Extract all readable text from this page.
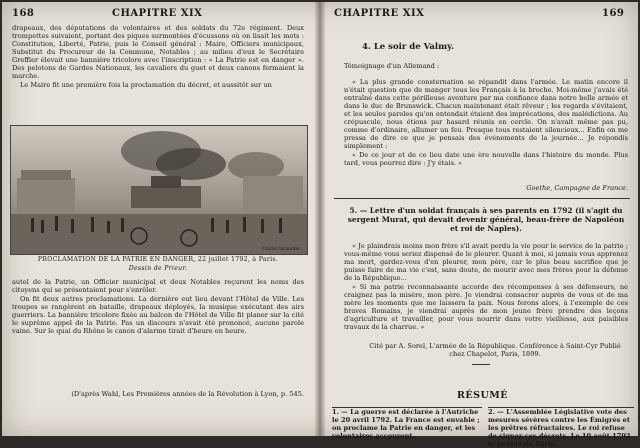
168	CHAPITRE XIX

drapeaux, des députations de volontaires et des soldats du 72e régiment. Deux trompettes suivaient, portant des piques surmontées d'écussons où on lisait les mots : Constitution, Liberté, Patrie, puis le Conseil général : Maire, Officiers municipaux, Substitut du Procureur de la Commune, Notables ; au milieu d'eux le Secrétaire Greffier élevait une bannière tricolore avec l'inscription : « La Patrie est en danger ». Des pelotons de Gardes Nationaux, les cavaliers du guet et deux canons fermaient la marche.

Le Maire fit une première fois la proclamation du décret, et aussitôt sur un

Cliché Giraudon.
PROCLAMATION DE LA PATRIE EN DANGER, 22 juillet 1792, à Paris.
Dessin de Prieur.

autel de la Patrie, un Officier municipal et deux Notables reçurent les noms des citoyens qui se présentaient pour s'enrôler.

On fit deux autres proclamations. La dernière eut lieu devant l'Hôtel de Ville. Les troupes se rangèrent en bataille, drapeaux déployés, la musique exécutant des airs guerriers. La bannière tricolore fixée au balcon de l'Hôtel de Ville fit planer sur la cité le suprême appel de la Patrie. Pas un discours n'avait été prononcé, aucune parole vaine. Sur le quai du Rhône le canon d'alarme tirait d'heure en heure.

(D'après Wahl, Les Premières années de la Révolution à Lyon, p. 545.
CHAPITRE XIX	169
4. Le soir de Valmy.
Témoignage d'un Allemand :

« La plus grande consternation se répandit dans l'armée. Le matin encore il n'était question que de manger tous les Français à la broche. Moi-même j'avais été entraîné dans cette périlleuse aventure par ma confiance dans notre belle armée et dans le duc de Brunswick. Chacun maintenant était rêveur ; les regards s'évitaient, et les seules paroles qu'on entendait étaient des imprécations, des malédictions. Au crépuscule, nous étions par hasard réunis en cercle. On n'avait même pas pu, comme d'ordinaire, allumer un feu. Presque tous restaient silencieux... Enfin on me pressa de dire ce que je pensais des événements de la journée... Je répondis simplement :

« De ce jour et de ce lieu date une ère nouvelle dans l'histoire du monde. Plus tard, vous pourrez dire : J'y étais. »

Goethe, Campagne de France.
5. — Lettre d'un soldat français à ses parents en 1792 (il s'agit du sergent Murat, qui devait devenir général, beau-frère de Napoléon et roi de Naples).

« Je plaindrais moins mon frère s'il avait perdu la vie pour le service de la patrie ; vous-même vous seriez dispensé de le pleurer. Quant à moi, si jamais vous apprenez ma mort, gardez-vous d'en pleurer, mon père, car le plus beau sacrifice que je puisse faire de ma vie c'est, sans doute, de mourir avec mes frères pour la défense de la République...

« Si ma patrie reconnaissante accorde des récompenses à ses défenseurs, ne craignez pas la misère, mon père. Je viendrai consacrer auprès de vous et de ma mère les moments que me laissera la paix. Nous ferons alors, à l'exemple de ces braves Romains, je viendrai auprès de mon jeune frère prendre des leçons d'agriculture et travailler, pour vous nourrir dans votre vieillesse, aux paisibles travaux de la charrue. »

Cité par A. Sorel, L'armée de la République. Conférence à Saint-Cyr Publié chez Chapelot, Paris, 1899.
RÉSUMÉ
1. — La guerre est déclarée à l'Autriche le 20 avril 1792. La France est envahie ; on proclame la Patrie en danger, et les volontaires accourent.
2. — L'Assemblée Législative vote des mesures sévères contre les Émigrés et les prêtres réfractaires. Le roi refuse de signer ces décrets. Le 10 août 1792 le peuple de Paris,
